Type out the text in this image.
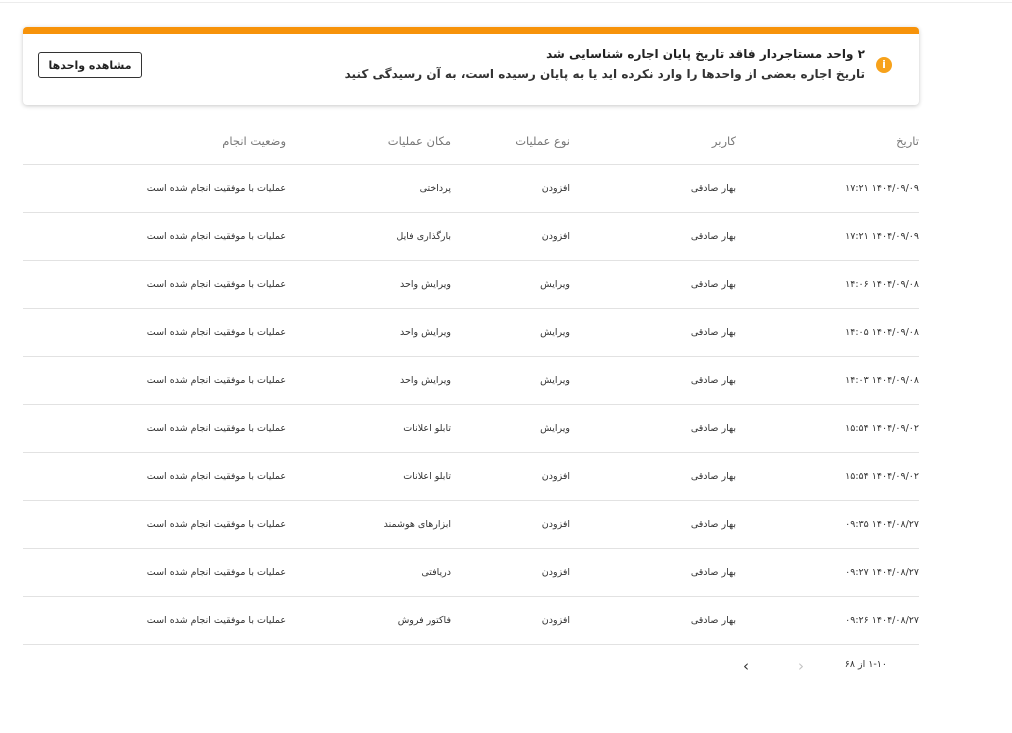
i
۲ واحد مستاجردار فاقد تاریخ پایان اجاره شناسایی شد
تاریخ اجاره بعضی از واحدها را وارد نکرده اید یا به پایان رسیده است، به آن رسیدگی کنید
مشاهده واحدها
تاریخ	کاربر	نوع عملیات	مکان عملیات	وضعیت انجام
۱۴۰۴/۰۹/۰۹ ۱۷:۲۱	بهار صادقی	افزودن	پرداختی	عملیات با موفقیت انجام شده است
۱۴۰۴/۰۹/۰۹ ۱۷:۲۱	بهار صادقی	افزودن	بارگذاری فایل	عملیات با موفقیت انجام شده است
۱۴۰۴/۰۹/۰۸ ۱۴:۰۶	بهار صادقی	ویرایش	ویرایش واحد	عملیات با موفقیت انجام شده است
۱۴۰۴/۰۹/۰۸ ۱۴:۰۵	بهار صادقی	ویرایش	ویرایش واحد	عملیات با موفقیت انجام شده است
۱۴۰۴/۰۹/۰۸ ۱۴:۰۳	بهار صادقی	ویرایش	ویرایش واحد	عملیات با موفقیت انجام شده است
۱۴۰۴/۰۹/۰۲ ۱۵:۵۴	بهار صادقی	ویرایش	تابلو اعلانات	عملیات با موفقیت انجام شده است
۱۴۰۴/۰۹/۰۲ ۱۵:۵۴	بهار صادقی	افزودن	تابلو اعلانات	عملیات با موفقیت انجام شده است
۱۴۰۴/۰۸/۲۷ ۰۹:۳۵	بهار صادقی	افزودن	ابزارهای هوشمند	عملیات با موفقیت انجام شده است
۱۴۰۴/۰۸/۲۷ ۰۹:۲۷	بهار صادقی	افزودن	دریافتی	عملیات با موفقیت انجام شده است
۱۴۰۴/۰۸/۲۷ ۰۹:۲۶	بهار صادقی	افزودن	فاکتور فروش	عملیات با موفقیت انجام شده است
۱-۱۰ از ۶۸
›
‹
